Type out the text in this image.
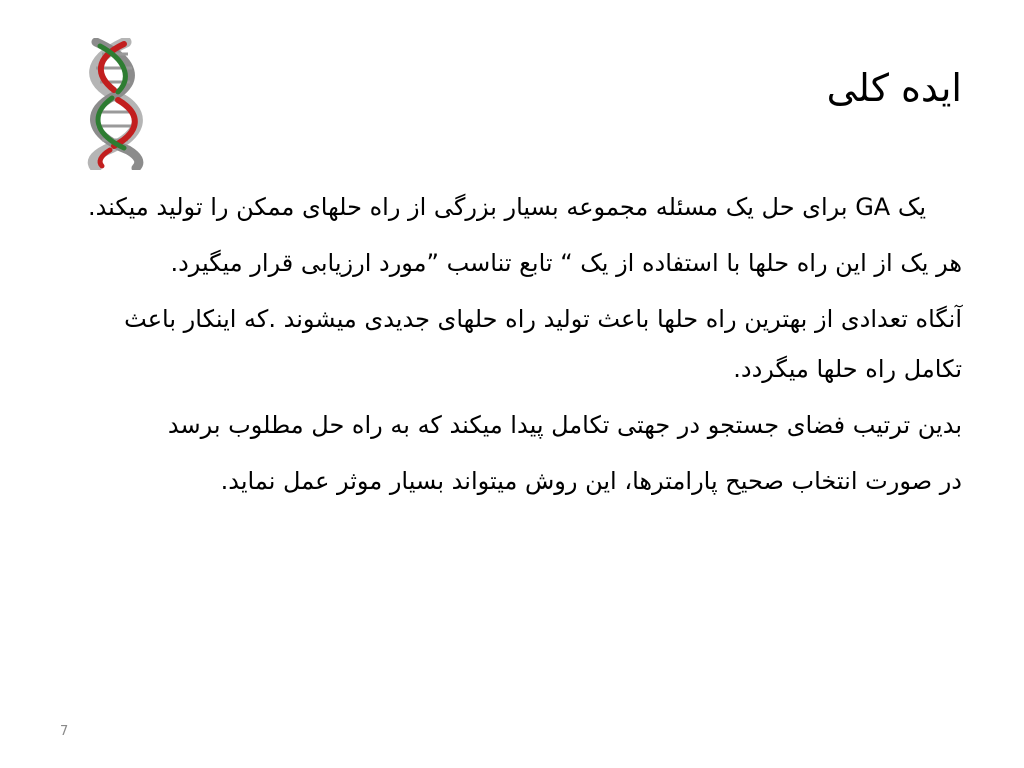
ایده کلی

یک GA برای حل یک مسئله مجموعه بسیار بزرگی از راه حلهای ممکن را تولید میکند.

هر یک از این راه حلها با استفاده از یک “ تابع تناسب ”مورد ارزیابی قرار میگیرد.

آنگاه تعدادی از بهترین راه حلها باعث تولید راه حلهای جدیدی میشوند .که اینکار باعث تکامل راه حلها میگردد.

بدین ترتیب فضای جستجو در جهتی تکامل پیدا میکند که به راه حل مطلوب برسد

در صورت انتخاب صحیح پارامترها، این روش میتواند بسیار موثر عمل نماید.

7
